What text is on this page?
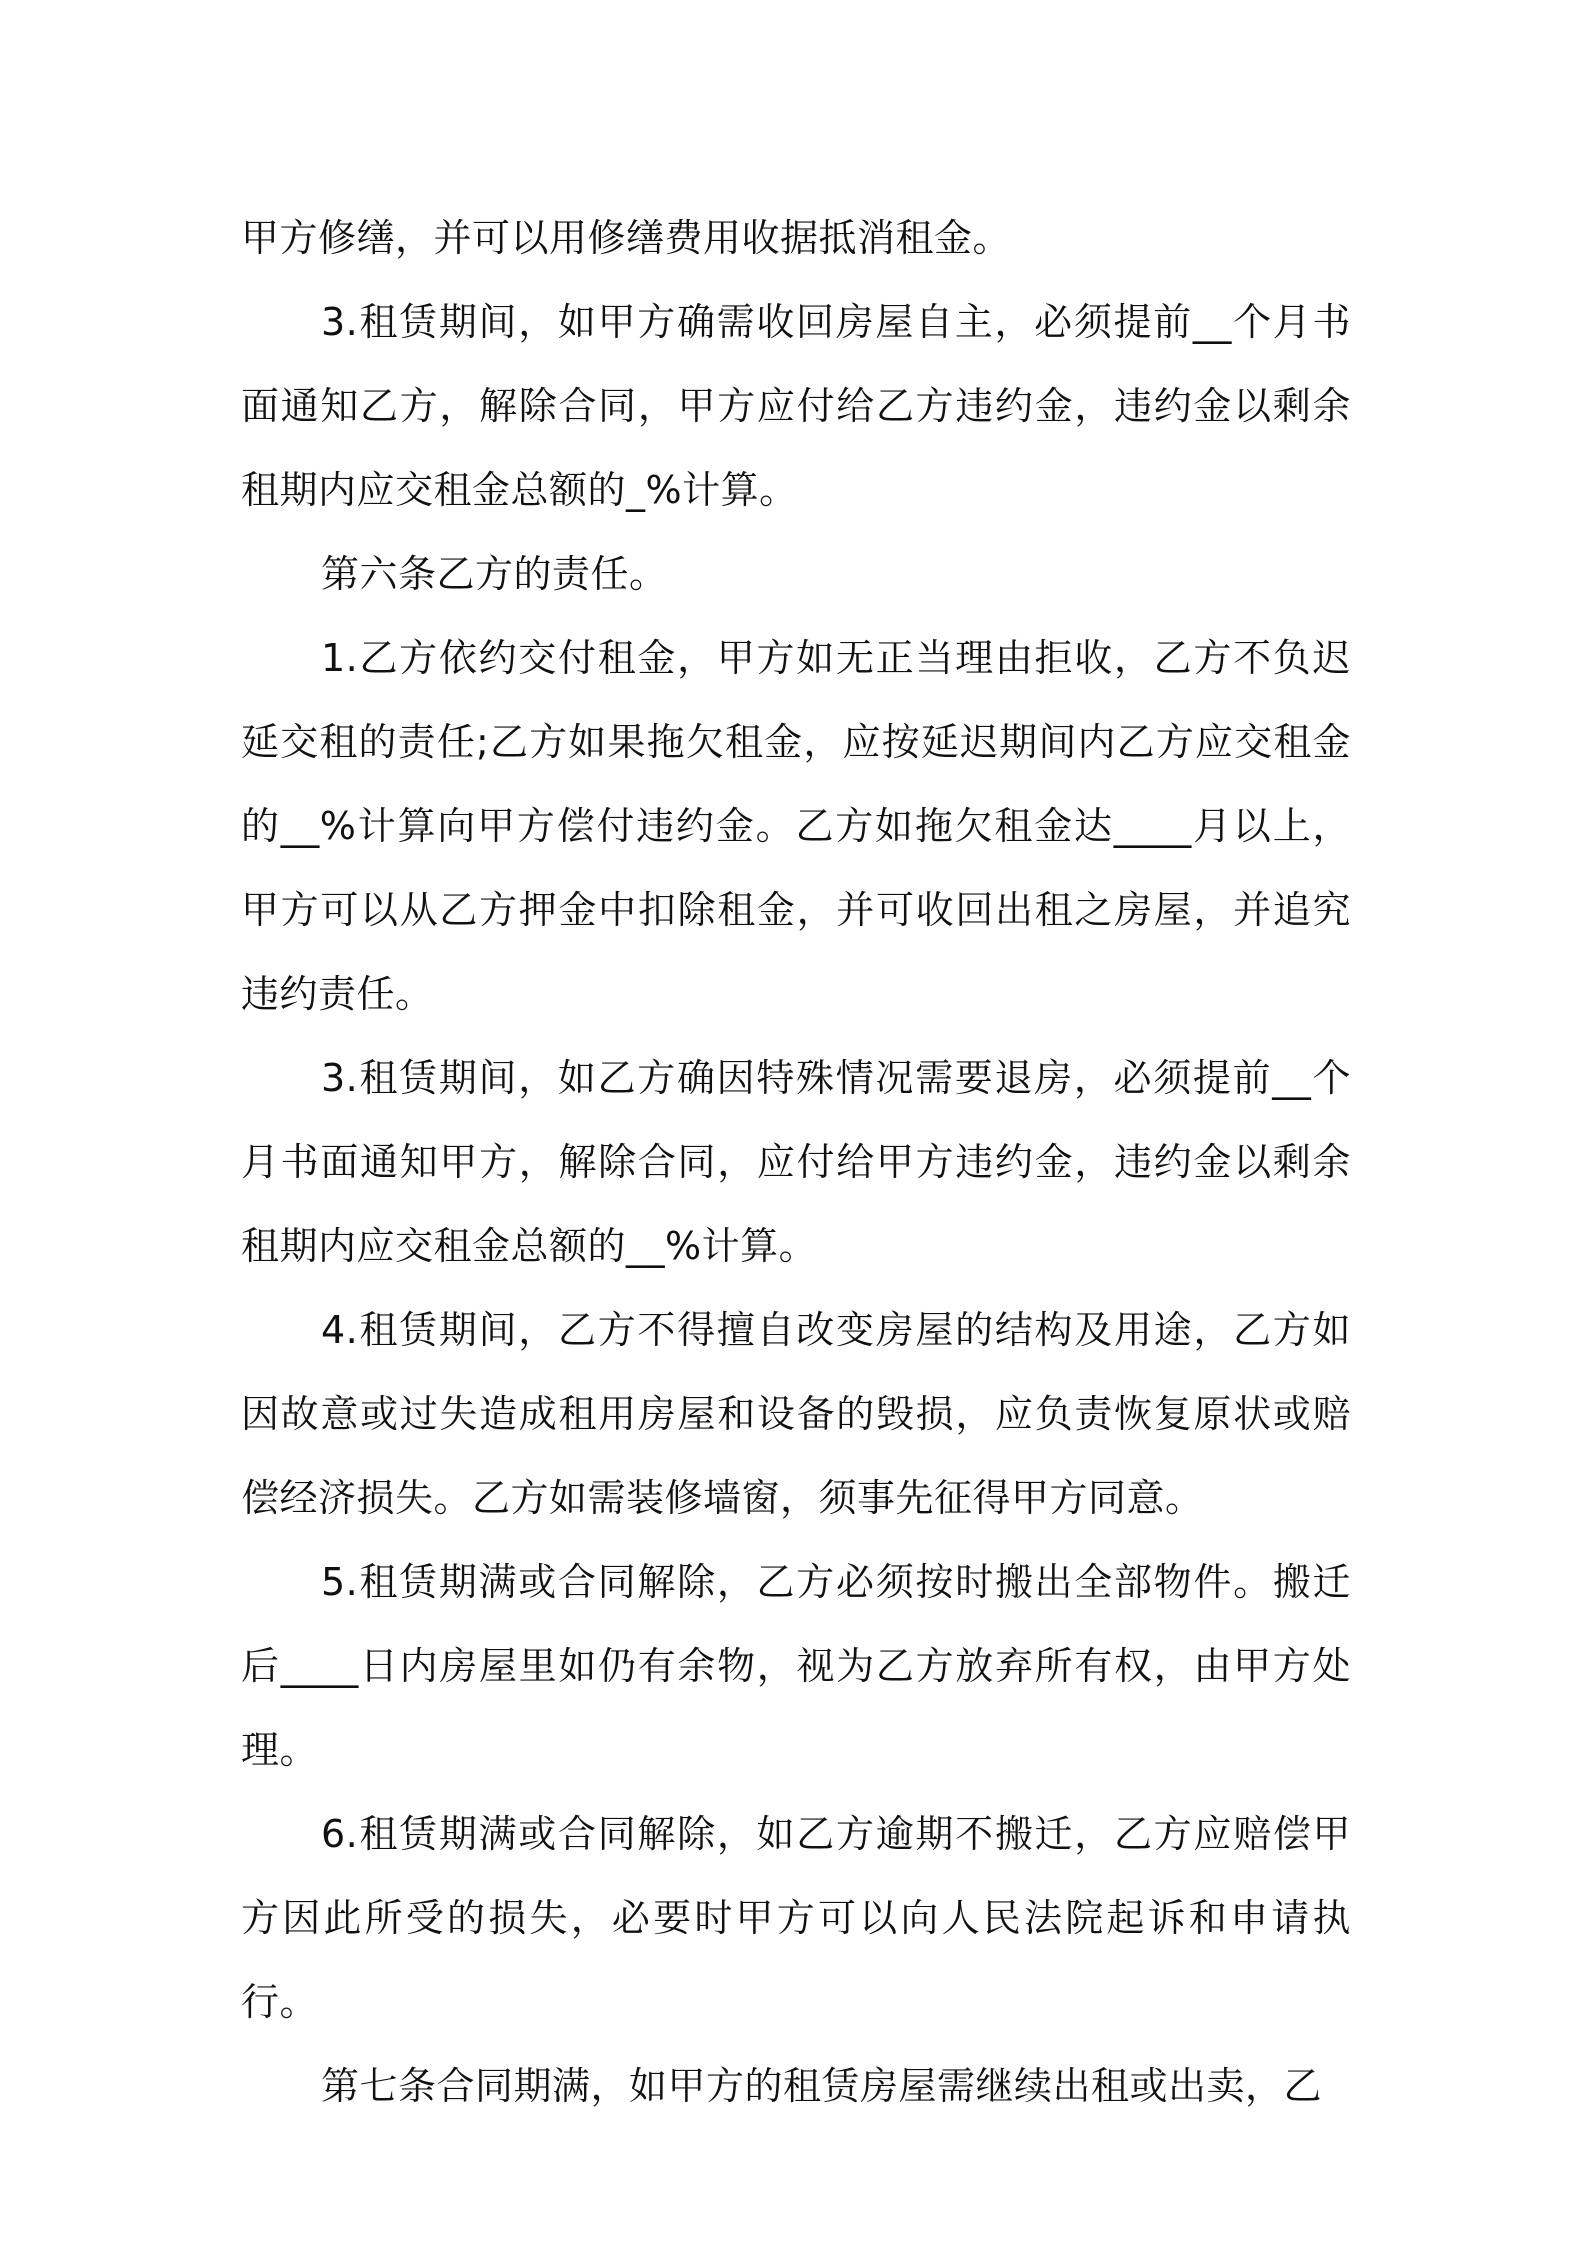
甲方修缮，并可以用修缮费用收据抵消租金。

3.租赁期间，如甲方确需收回房屋自主，必须提前__个月书面通知乙方，解除合同，甲方应付给乙方违约金，违约金以剩余租期内应交租金总额的_%计算。

第六条乙方的责任。

1.乙方依约交付租金，甲方如无正当理由拒收，乙方不负迟延交租的责任;乙方如果拖欠租金，应按延迟期间内乙方应交租金的__%计算向甲方偿付违约金。乙方如拖欠租金达____月以上，甲方可以从乙方押金中扣除租金，并可收回出租之房屋，并追究违约责任。

3.租赁期间，如乙方确因特殊情况需要退房，必须提前__个月书面通知甲方，解除合同，应付给甲方违约金，违约金以剩余租期内应交租金总额的__%计算。

4.租赁期间，乙方不得擅自改变房屋的结构及用途，乙方如因故意或过失造成租用房屋和设备的毁损，应负责恢复原状或赔偿经济损失。乙方如需装修墙窗，须事先征得甲方同意。

5.租赁期满或合同解除，乙方必须按时搬出全部物件。搬迁后____日内房屋里如仍有余物，视为乙方放弃所有权，由甲方处理。

6.租赁期满或合同解除，如乙方逾期不搬迁，乙方应赔偿甲方因此所受的损失，必要时甲方可以向人民法院起诉和申请执行。

第七条合同期满，如甲方的租赁房屋需继续出租或出卖，乙
